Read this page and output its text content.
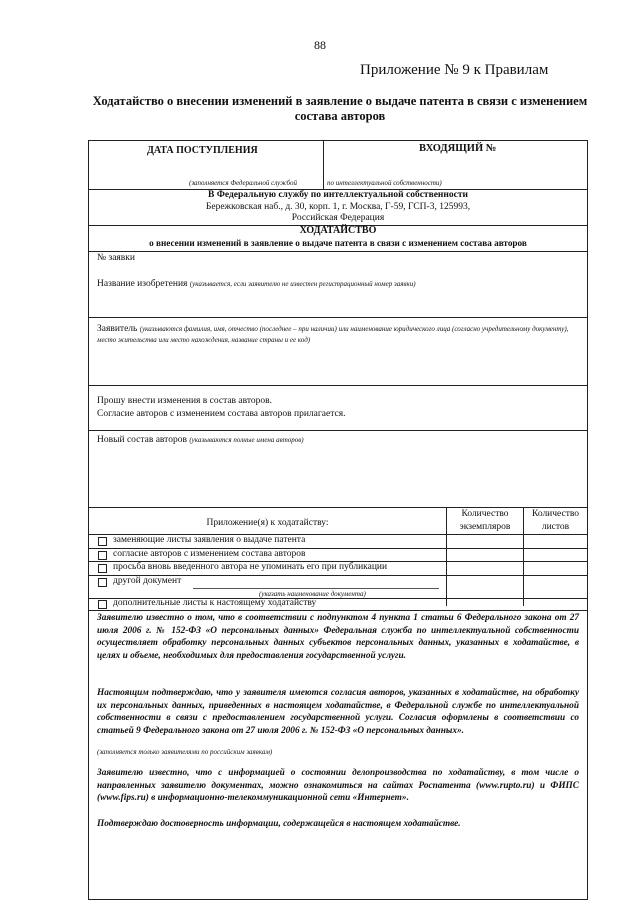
88
Приложение № 9 к Правилам
Ходатайство о внесении изменений в заявление о выдаче патента в связи с изменением
состава авторов
ДАТА ПОСТУПЛЕНИЯ	ВХОДЯЩИЙ №
(заполняется Федеральной службой	по интеллектуальной собственности)
В Федеральную службу по интеллектуальной собственности
Бережковская наб., д. 30, корп. 1, г. Москва, Г-59, ГСП-3, 125993,
Российская Федерация
ХОДАТАЙСТВО
о внесении изменений в заявление о выдаче патента в связи с изменением состава авторов
№ заявки
Название изобретения (указывается, если заявителю не известен регистрационный номер заявки)
Заявитель (указываются фамилия, имя, отчество (последнее – при наличии) или наименование юридического лица (согласно учредительному документу), место жительства или место нахождения, название страны и ее код)
Прошу внести изменения в состав авторов.
Согласие авторов с изменением состава авторов прилагается.
Новый состав авторов (указываются полные имена авторов)
Приложение(я) к ходатайству:
Количество экземпляров
Количество листов
заменяющие листы заявления о выдаче патента
согласие авторов с изменением состава авторов
просьба вновь введенного автора не упоминать его при публикации
другой документ
(указать наименование документа)
дополнительные листы к настоящему ходатайству
Заявителю известно о том, что в соответствии с подпунктом 4 пункта 1 статьи 6 Федерального закона от 27 июля 2006 г. № 152-ФЗ «О персональных данных» Федеральная служба по интеллектуальной собственности осуществляет обработку персональных данных субъектов персональных данных, указанных в ходатайстве, в целях и объеме, необходимых для предоставления государственной услуги.
Настоящим подтверждаю, что у заявителя имеются согласия авторов, указанных в ходатайстве, на обработку их персональных данных, приведенных в настоящем ходатайстве, в Федеральной службе по интеллектуальной собственности в связи с предоставлением государственной услуги. Согласия оформлены в соответствии со статьей 9 Федерального закона от 27 июля 2006 г. № 152-ФЗ «О персональных данных».
(заполняется только заявителями по российским заявкам)
Заявителю известно, что с информацией о состоянии делопроизводства по ходатайству, в том числе о направленных заявителю документах, можно ознакомиться на сайтах Роспатента (www.rupto.ru) и ФИПС (www.fips.ru) в информационно-телекоммуникационной сети «Интернет».
Подтверждаю достоверность информации, содержащейся в настоящем ходатайстве.
